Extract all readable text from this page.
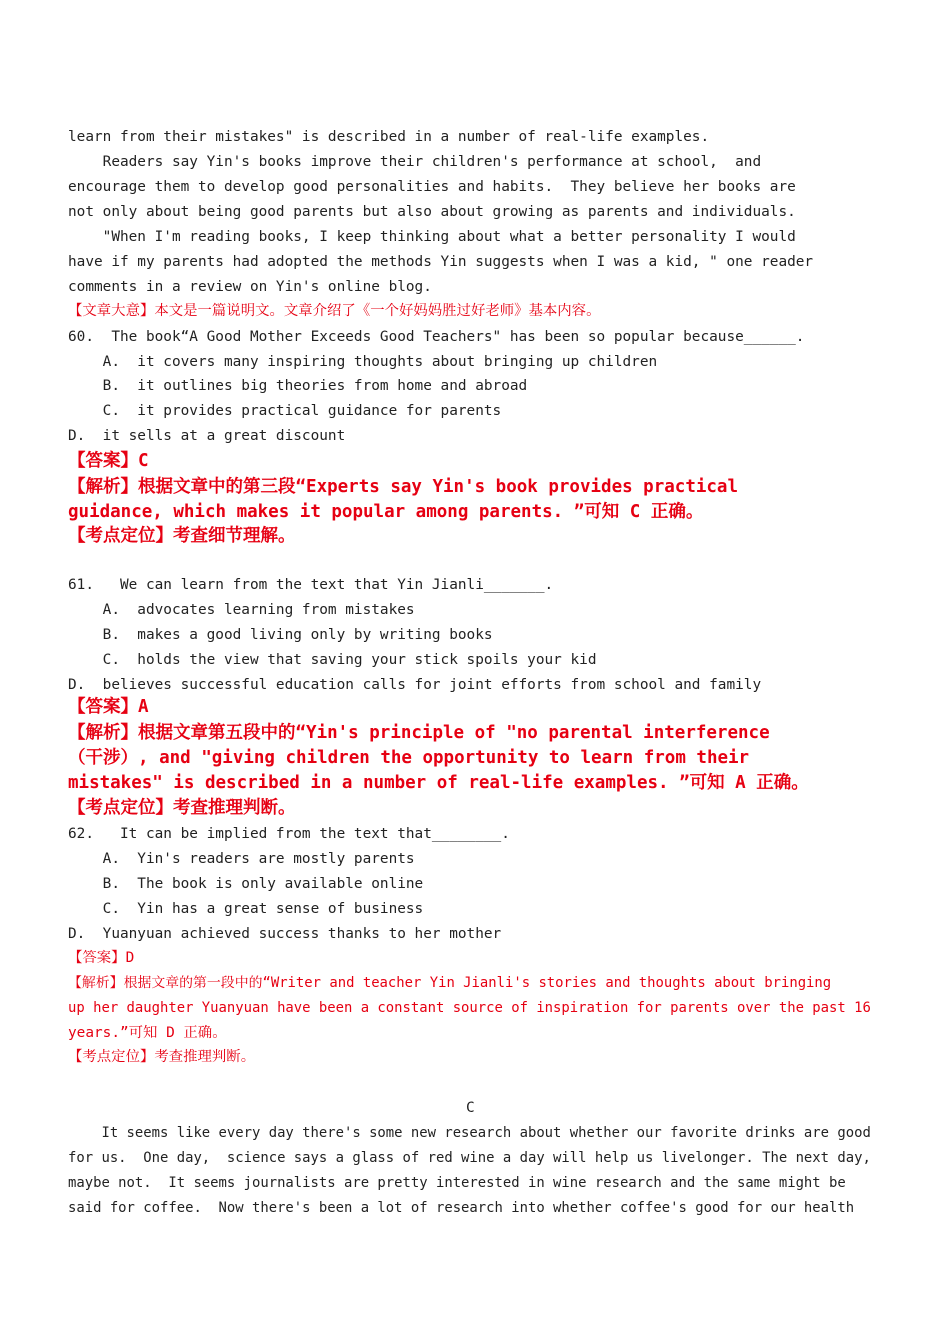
learn from their mistakes" is described in a number of real-life examples.
Readers say Yin's books improve their children's performance at school,  and
encourage them to develop good personalities and habits.  They believe her books are
not only about being good parents but also about growing as parents and individuals.
"When I'm reading books, I keep thinking about what a better personality I would
have if my parents had adopted the methods Yin suggests when I was a kid, " one reader
comments in a review on Yin's online blog.
【文章大意】本文是一篇说明文。文章介绍了《一个好妈妈胜过好老师》基本内容。
60.  The book“A Good Mother Exceeds Good Teachers" has been so popular because______.
A.  it covers many inspiring thoughts about bringing up children
B.  it outlines big theories from home and abroad
C.  it provides practical guidance for parents
D.  it sells at a great discount
【答案】C
【解析】根据文章中的第三段“Experts say Yin's book provides practical
guidance, which makes it popular among parents. ”可知 C 正确。
【考点定位】考查细节理解。
61.   We can learn from the text that Yin Jianli_______.
A.  advocates learning from mistakes
B.  makes a good living only by writing books
C.  holds the view that saving your stick spoils your kid
D.  believes successful education calls for joint efforts from school and family
【答案】A
【解析】根据文章第五段中的“Yin's principle of "no parental interference
（干涉）, and "giving children the opportunity to learn from their
mistakes" is described in a number of real-life examples. ”可知 A 正确。
【考点定位】考查推理判断。
62.   It can be implied from the text that________.
A.  Yin's readers are mostly parents
B.  The book is only available online
C.  Yin has a great sense of business
D.  Yuanyuan achieved success thanks to her mother
【答案】D
【解析】根据文章的第一段中的“Writer and teacher Yin Jianli's stories and thoughts about bringing
up her daughter Yuanyuan have been a constant source of inspiration for parents over the past 16
years.”可知 D 正确。
【考点定位】考查推理判断。
C
It seems like every day there's some new research about whether our favorite drinks are good
for us.  One day,  science says a glass of red wine a day will help us livelonger. The next day,
maybe not.  It seems journalists are pretty interested in wine research and the same might be
said for coffee.  Now there's been a lot of research into whether coffee's good for our health
